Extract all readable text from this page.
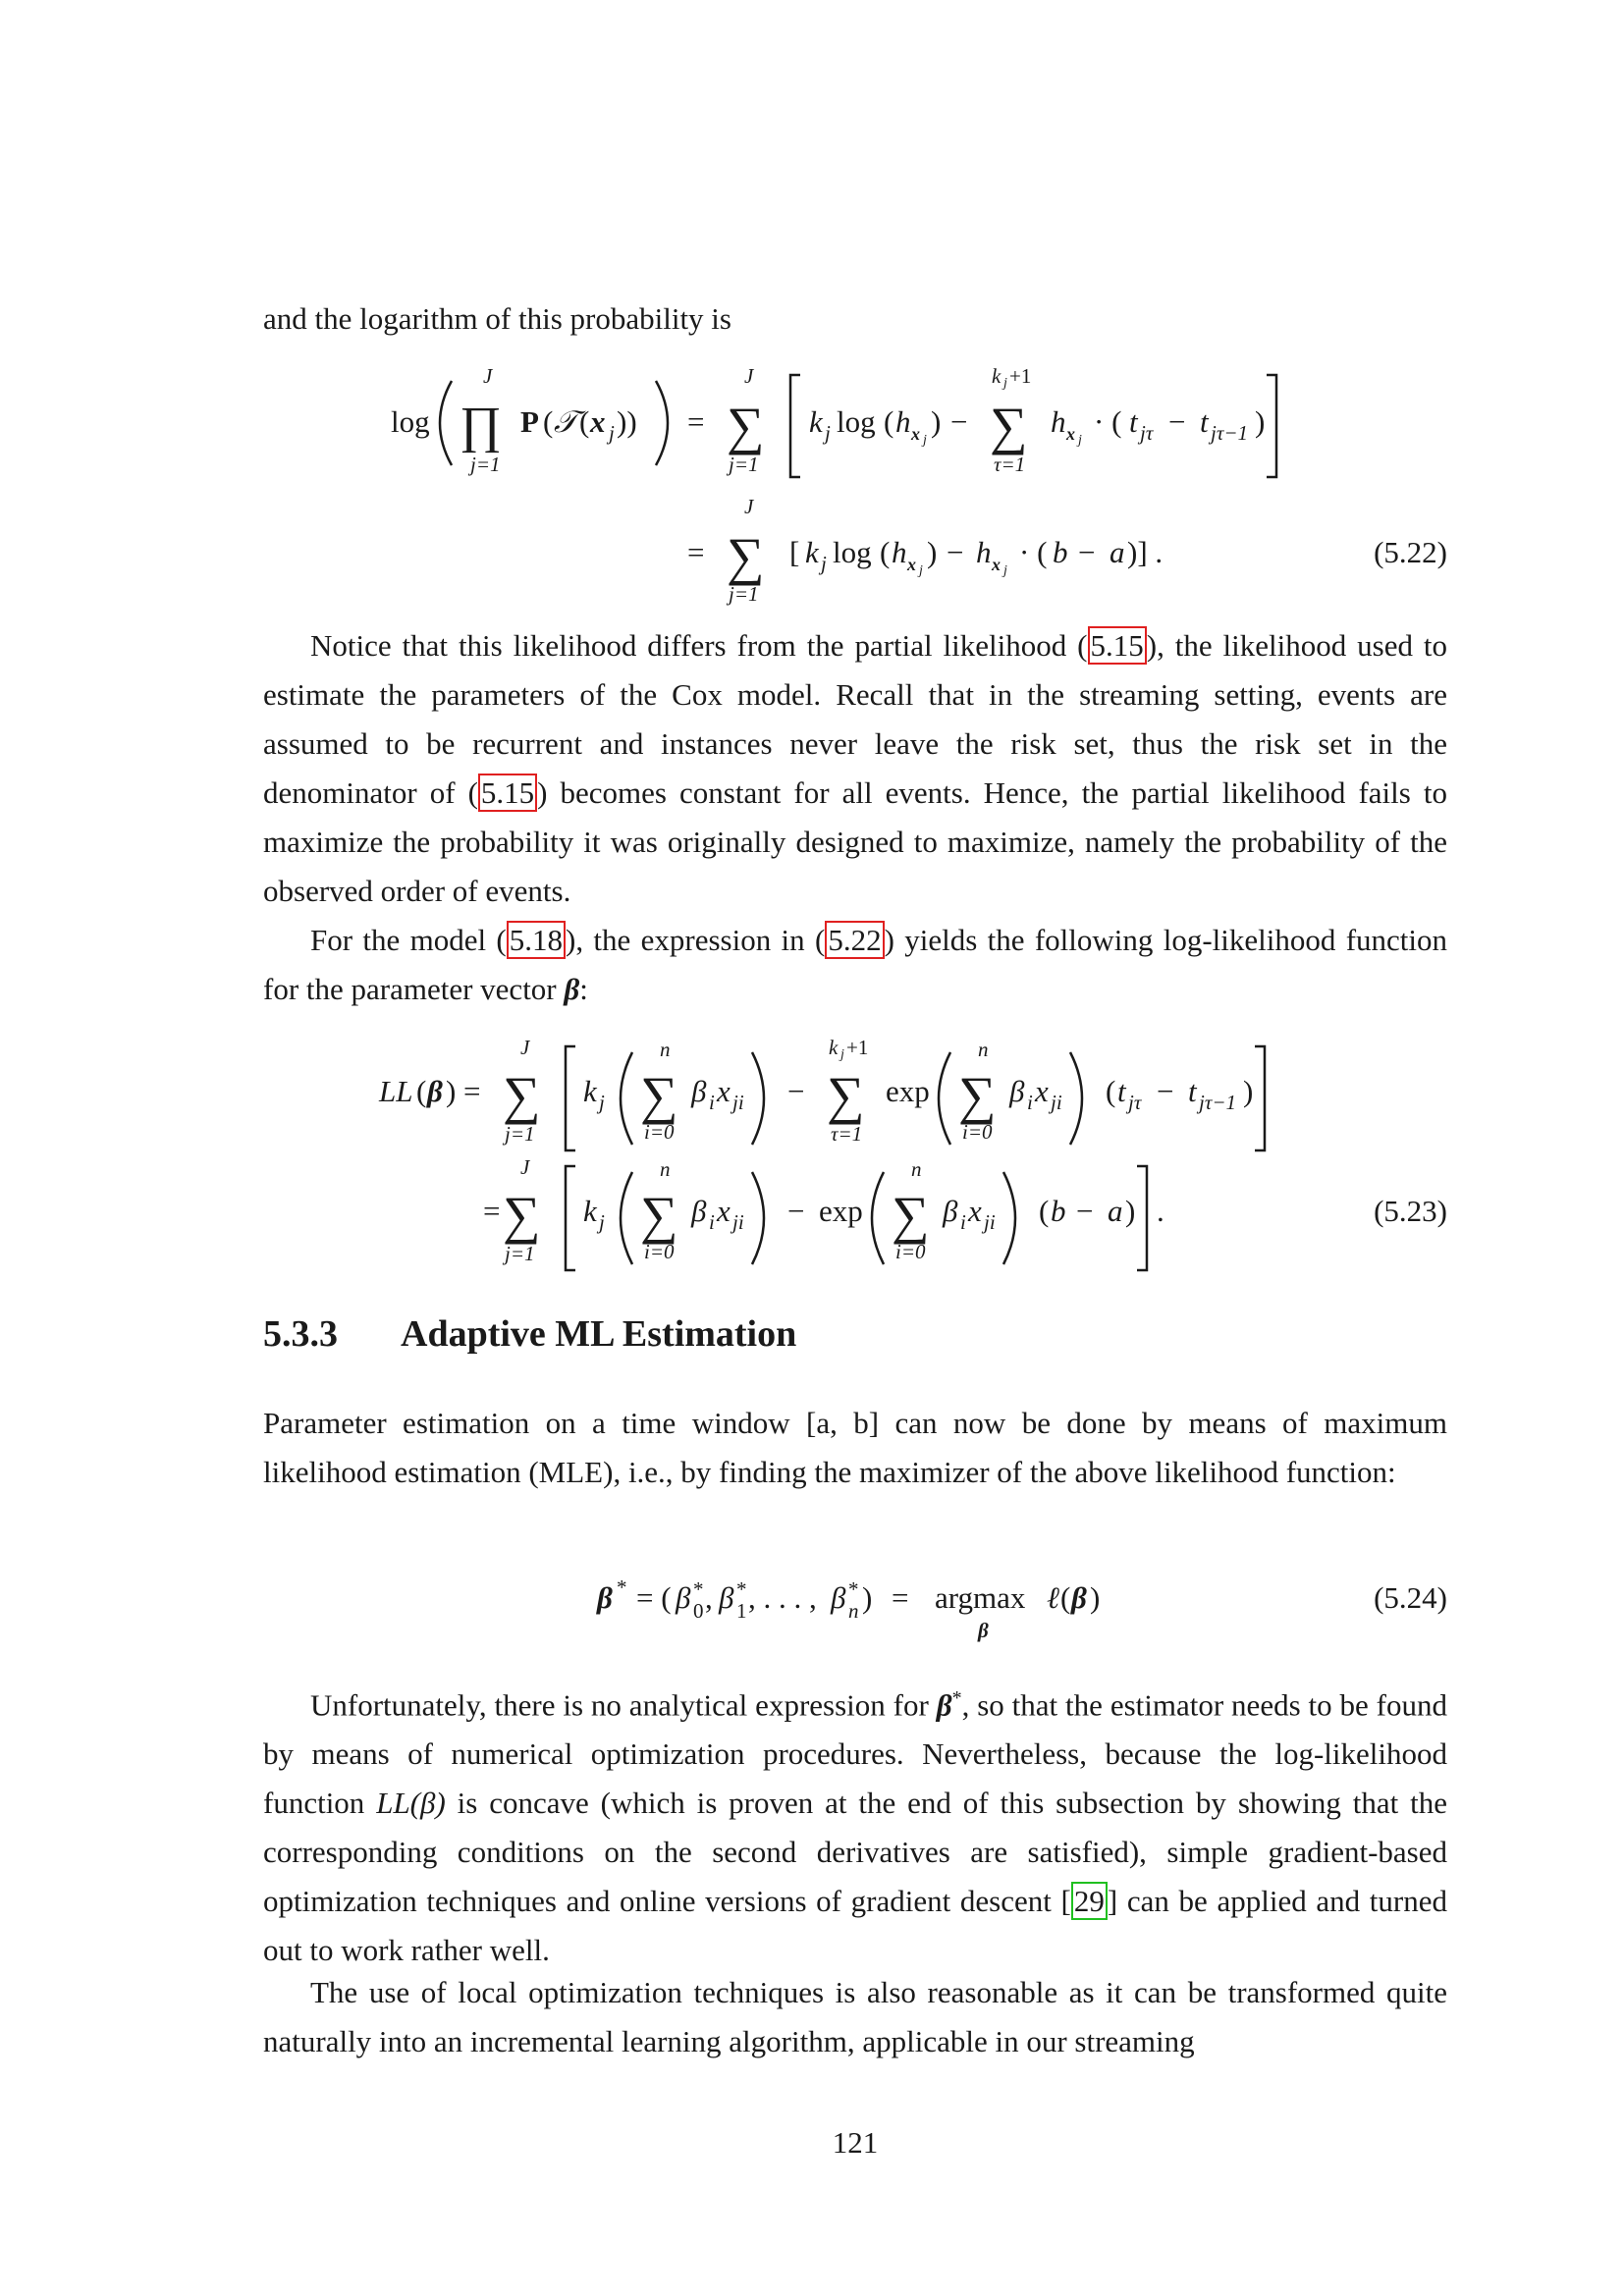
and the logarithm of this probability is

log
J
∏
j=1
P ( 𝒯 ( x j )) =
J
∑
j=1
k j log ( h x j
) −
k j +1
∑
τ=1
h x j
· ( t jτ − t jτ−1 )
=
J
∑
j=1
[ k j log ( h x j
) − h x j
· ( b − a )] .	(5.22)

Notice that this likelihood differs from the partial likelihood (5.15), the likelihood used to estimate the parameters of the Cox model. Recall that in the streaming setting, events are assumed to be recurrent and instances never leave the risk set, thus the risk set in the denominator of (5.15) becomes constant for all events. Hence, the partial likelihood fails to maximize the probability it was originally designed to maximize, namely the probability of the observed order of events.

For the model (5.18), the expression in (5.22) yields the following log-likelihood function for the parameter vector β:

LL ( β ) =
J
∑
j=1
k j
n
∑
i=0
β i x ji −
k j +1
∑
τ=1
exp
n
∑
i=0
β i x ji ( t jτ − t jτ−1 )
=
J
∑
j=1
k j
n
∑
i=0
β i x ji − exp
n
∑
i=0
β i x ji ( b − a ) .	(5.23)
5.3.3 Adaptive ML Estimation

Parameter estimation on a time window [a, b] can now be done by means of maximum likelihood estimation (MLE), i.e., by finding the maximizer of the above likelihood function:

β * = ( β *
0 , β *
1 , . . . , β *
n ) = argmax
β
ℓ ( β )	(5.24)

Unfortunately, there is no analytical expression for β*, so that the estimator needs to be found by means of numerical optimization procedures. Nevertheless, because the log-likelihood function LL(β) is concave (which is proven at the end of this subsection by showing that the corresponding conditions on the second derivatives are satisfied), simple gradient-based optimization techniques and online versions of gradient descent [29] can be applied and turned out to work rather well.

The use of local optimization techniques is also reasonable as it can be transformed quite naturally into an incremental learning algorithm, applicable in our streaming

121
